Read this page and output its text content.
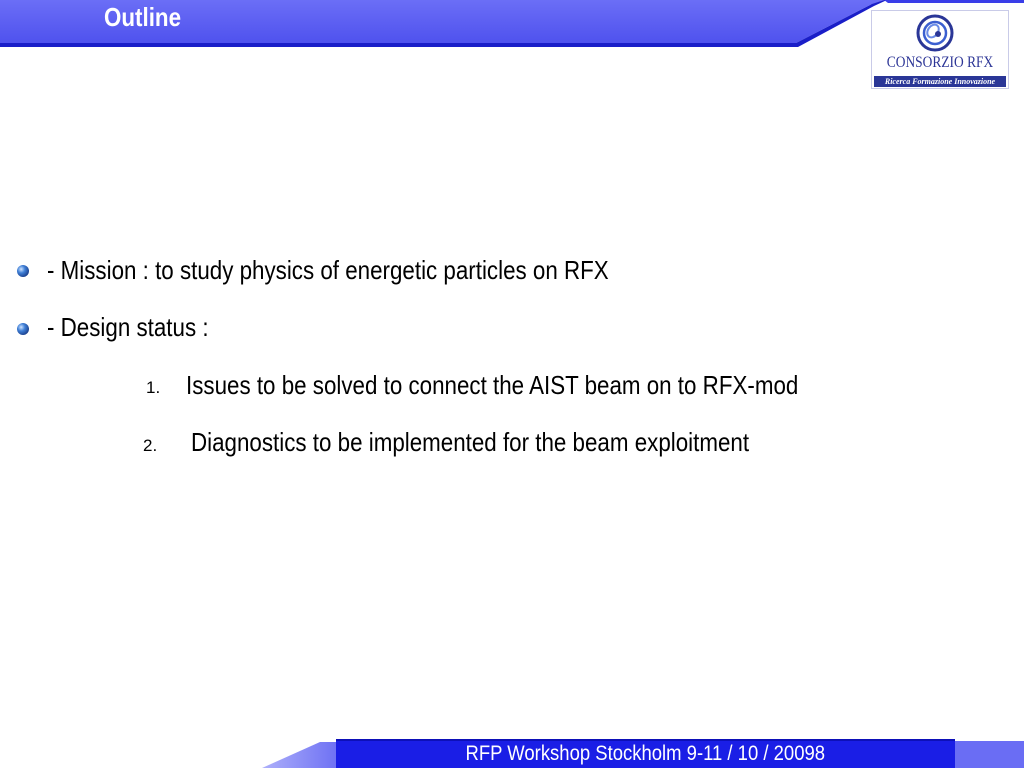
Outline
CONSORZIO RFX
Ricerca Formazione Innovazione
- Mission : to study physics of energetic particles on RFX
- Design status :
1. Issues to be solved to connect the AIST beam on to RFX-mod
2. Diagnostics to be implemented for the beam exploitment
RFP Workshop Stockholm 9-11 / 10 / 20098
